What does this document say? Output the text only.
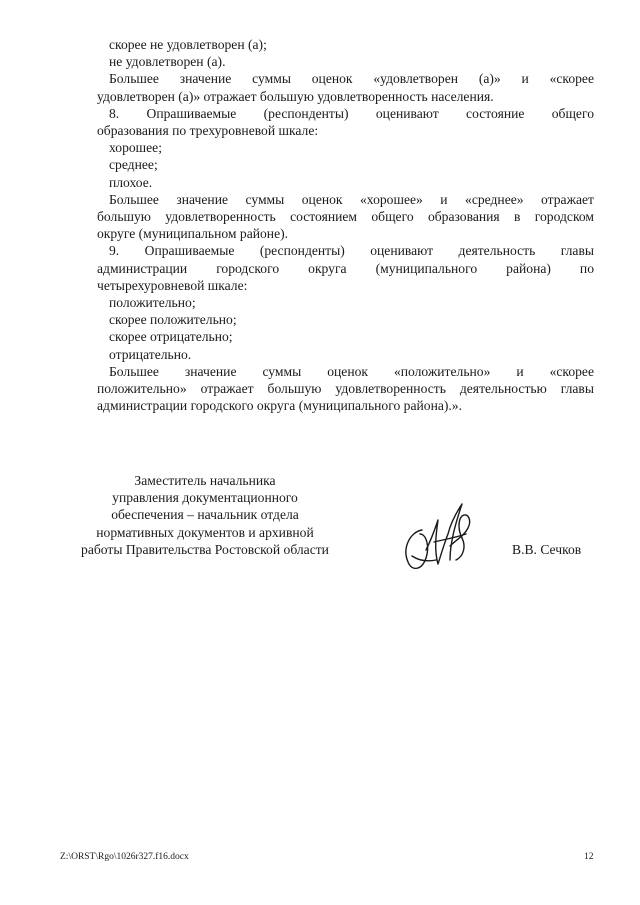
скорее не удовлетворен (а);
не удовлетворен (а).
Большее значение суммы оценок «удовлетворен (а)» и «скорее
удовлетворен (а)» отражает большую удовлетворенность населения.
8. Опрашиваемые (респонденты) оценивают состояние общего
образования по трехуровневой шкале:
хорошее;
среднее;
плохое.
Большее значение суммы оценок «хорошее» и «среднее» отражает
большую удовлетворенность состоянием общего образования в городском
округе (муниципальном районе).
9. Опрашиваемые (респонденты) оценивают деятельность главы
администрации городского округа (муниципального района) по
четырехуровневой шкале:
положительно;
скорее положительно;
скорее отрицательно;
отрицательно.
Большее значение суммы оценок «положительно» и «скорее
положительно» отражает большую удовлетворенность деятельностью главы
администрации городского округа (муниципального района).».
Заместитель начальника
управления документационного
обеспечения – начальник отдела
нормативных документов и архивной
работы Правительства Ростовской области	В.В. Сечков
Z:\ORST\Rgo\1026r327.f16.docx	12
